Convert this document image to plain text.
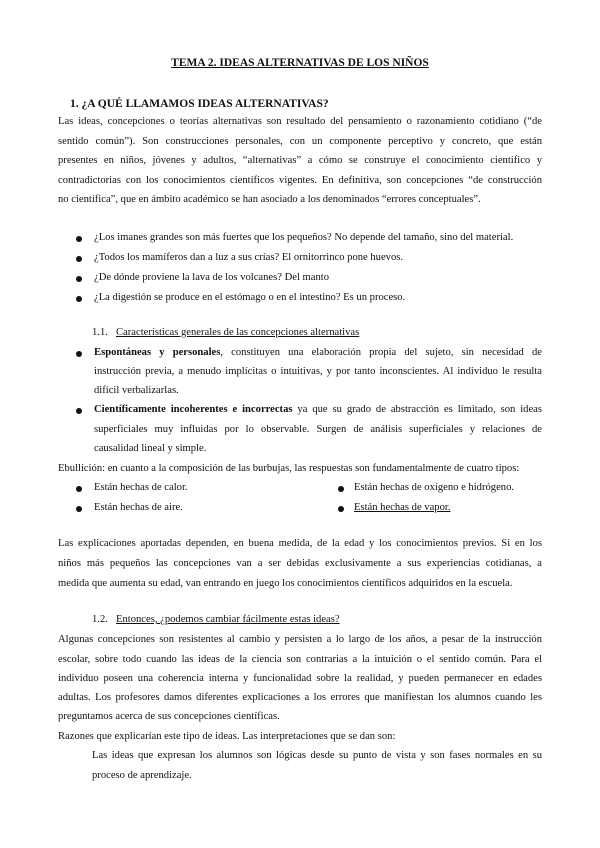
TEMA 2. IDEAS ALTERNATIVAS DE LOS NIÑOS
1. ¿A QUÉ LLAMAMOS IDEAS ALTERNATIVAS?
Las ideas, concepciones o teorías alternativas son resultado del pensamiento o razonamiento cotidiano (“de
sentido común”). Son construcciones personales, con un componente perceptivo y concreto, que están
presentes en niños, jóvenes y adultos, “alternativas” a cómo se construye el conocimiento científico y
contradictorias con los conocimientos científicos vigentes. En definitiva, son concepciones “de construcción
no científica”, que en ámbito académico se han asociado a los denominados “errores conceptuales”.
¿Los imanes grandes son más fuertes que los pequeños? No depende del tamaño, sino del material.
¿Todos los mamíferos dan a luz a sus crías? El ornitorrinco pone huevos.
¿De dónde proviene la lava de los volcanes? Del manto
¿La digestión se produce en el estómago o en el intestino? Es un proceso.
1.1. Características generales de las concepciones alternativas
Espontáneas y personales, constituyen una elaboración propia del sujeto, sin necesidad de
instrucción previa, a menudo implícitas o intuitivas, y por tanto inconscientes. Al individuo le resulta
difícil verbalizarlas.
Científicamente incoherentes e incorrectas ya que su grado de abstracción es limitado, son ideas
superficiales muy influidas por lo observable. Surgen de análisis superficiales y relaciones de
causalidad lineal y simple.
Ebullición: en cuanto a la composición de las burbujas, las respuestas son fundamentalmente de cuatro tipos:
Están hechas de calor.	Están hechas de oxígeno e hidrógeno.
Están hechas de aire.	Están hechas de vapor.
Las explicaciones aportadas dependen, en buena medida, de la edad y los conocimientos previos. Si en los
niños más pequeños las concepciones van a ser debidas exclusivamente a sus experiencias cotidianas, a
medida que aumenta su edad, van entrando en juego los conocimientos científicos adquiridos en la escuela.
1.2. Entonces, ¿podemos cambiar fácilmente estas ideas?
Algunas concepciones son resistentes al cambio y persisten a lo largo de los años, a pesar de la instrucción
escolar, sobre todo cuando las ideas de la ciencia son contrarias a la intuición o el sentido común. Para el
individuo poseen una coherencia interna y funcionalidad sobre la realidad, y pueden permanecer en edades
adultas. Los profesores damos diferentes explicaciones a los errores que manifiestan los alumnos cuando les
preguntamos acerca de sus concepciones científicas.
Razones que explicarían este tipo de ideas. Las interpretaciones que se dan son:
Las ideas que expresan los alumnos son lógicas desde su punto de vista y son fases normales en su
proceso de aprendizaje.
